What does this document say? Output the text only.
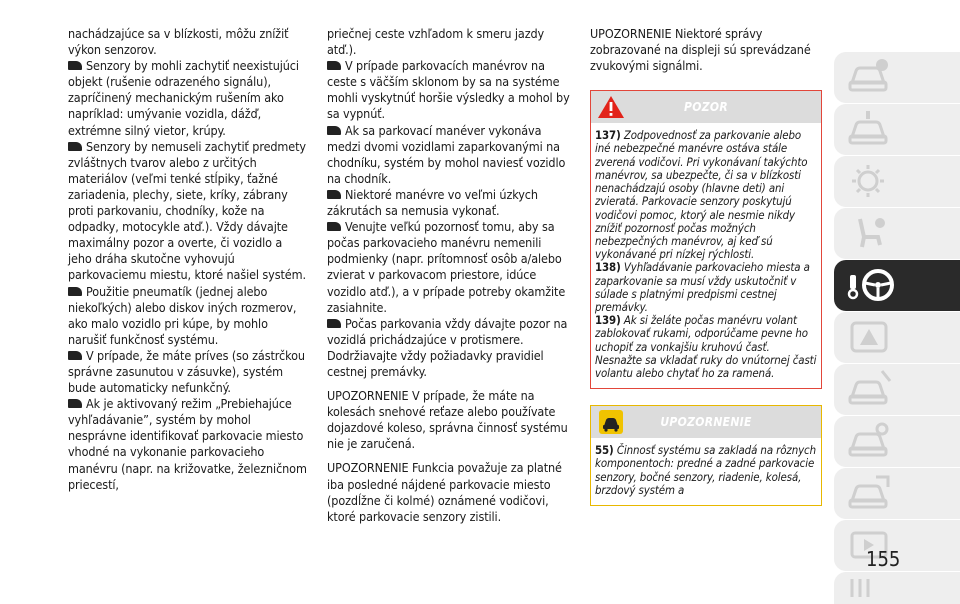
nachádzajúce sa v blízkosti, môžu znížiť výkon senzorov.

Senzory by mohli zachytiť neexistujúci objekt (rušenie odrazeného signálu), zapríčinený mechanickým rušením ako napríklad: umývanie vozidla, dážď, extrémne silný vietor, krúpy.

Senzory by nemuseli zachytiť predmety zvláštnych tvarov alebo z určitých materiálov (veľmi tenké stĺpiky, ťažné zariadenia, plechy, siete, kríky, zábrany proti parkovaniu, chodníky, kože na odpadky, motocykle atď.). Vždy dávajte maximálny pozor a overte, či vozidlo a jeho dráha skutočne vyhovujú parkovaciemu miestu, ktoré našiel systém.

Použitie pneumatík (jednej alebo niekoľkých) alebo diskov iných rozmerov, ako malo vozidlo pri kúpe, by mohlo narušiť funkčnosť systému.

V prípade, že máte príves (so zástrčkou správne zasunutou v zásuvke), systém bude automaticky nefunkčný.

Ak je aktivovaný režim „Prebiehajúce vyhľadávanie”, systém by mohol nesprávne identifikovať parkovacie miesto vhodné na vykonanie parkovacieho manévru (napr. na križovatke, železničnom priecestí,

priečnej ceste vzhľadom k smeru jazdy atď.).

V prípade parkovacích manévrov na ceste s väčším sklonom by sa na systéme mohli vyskytnúť horšie výsledky a mohol by sa vypnúť.

Ak sa parkovací manéver vykonáva medzi dvomi vozidlami zaparkovanými na chodníku, systém by mohol naviesť vozidlo na chodník.

Niektoré manévre vo veľmi úzkych zákrutách sa nemusia vykonať.

Venujte veľkú pozornosť tomu, aby sa počas parkovacieho manévru nemenili podmienky (napr. prítomnosť osôb a/alebo zvierat v parkovacom priestore, idúce vozidlo atď.), a v prípade potreby okamžite zasiahnite.

Počas parkovania vždy dávajte pozor na vozidlá prichádzajúce v protismere. Dodržiavajte vždy požiadavky pravidiel cestnej premávky.

UPOZORNENIE V prípade, že máte na kolesách snehové reťaze alebo používate dojazdové koleso, správna činnosť systému nie je zaručená.

UPOZORNENIE Funkcia považuje za platné iba posledné nájdené parkovacie miesto (pozdĺžne či kolmé) oznámené vodičovi, ktoré parkovacie senzory zistili.

UPOZORNENIE Niektoré správy zobrazované na displeji sú sprevádzané zvukovými signálmi.

POZOR
137) Zodpovednosť za parkovanie alebo iné nebezpečné manévre ostáva stále zverená vodičovi. Pri vykonávaní takýchto manévrov, sa ubezpečte, či sa v blízkosti nenachádzajú osoby (hlavne deti) ani zvieratá. Parkovacie senzory poskytujú vodičovi pomoc, ktorý ale nesmie nikdy znížiť pozornosť počas možných nebezpečných manévrov, aj keď sú vykonávané pri nízkej rýchlosti.
138) Vyhľadávanie parkovacieho miesta a zaparkovanie sa musí vždy uskutočniť v súlade s platnými predpismi cestnej premávky.
139) Ak si želáte počas manévru volant zablokovať rukami, odporúčame pevne ho uchopiť za vonkajšiu kruhovú časť. Nesnažte sa vkladať ruky do vnútornej časti volantu alebo chytať ho za ramená.
UPOZORNENIE
55) Činnosť systému sa zakladá na rôznych komponentoch: predné a zadné parkovacie senzory, bočné senzory, riadenie, kolesá, brzdový systém a
155
